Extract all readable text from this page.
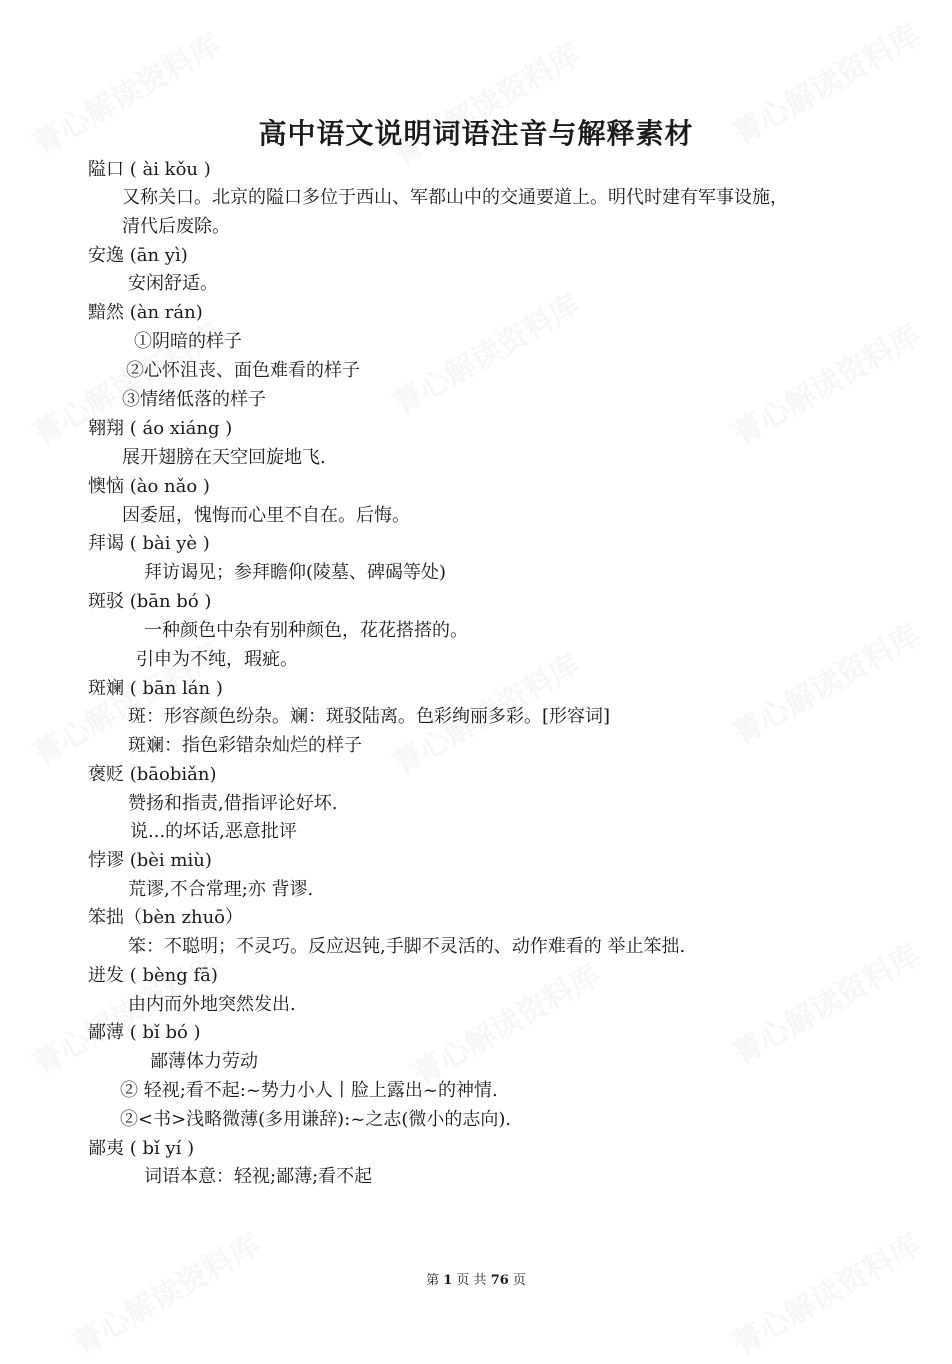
高中语文说明词语注音与解释素材
隘口 ( ài kǒu )
又称关口。北京的隘口多位于西山、军都山中的交通要道上。明代时建有军事设施，
清代后废除。
安逸 (ān yì)
安闲舒适。
黯然 (àn rán)
①阴暗的样子
②心怀沮丧、面色难看的样子
③情绪低落的样子
翱翔 ( áo xiáng )
展开翅膀在天空回旋地飞.
懊恼 (ào nǎo )
因委屈，愧悔而心里不自在。后悔。
拜谒 ( bài yè )
拜访谒见；参拜瞻仰(陵墓、碑碣等处)
斑驳 (bān bó )
一种颜色中杂有别种颜色，花花搭搭的。
引申为不纯，瑕疵。
斑斓 ( bān lán )
斑：形容颜色纷杂。斓：斑驳陆离。色彩绚丽多彩。[形容词]
斑斓：指色彩错杂灿烂的样子
褒贬 (bāobiǎn)
赞扬和指责,借指评论好坏.
说...的坏话,恶意批评
悖谬 (bèi miù)
荒谬,不合常理;亦 背谬.
笨拙（bèn zhuō）
笨：不聪明；不灵巧。反应迟钝,手脚不灵活的、动作难看的 举止笨拙.
迸发 ( bèng fā)
由内而外地突然发出.
鄙薄 ( bǐ bó )
鄙薄体力劳动
② 轻视;看不起:~势力小人丨脸上露出~的神情.
②<书>浅略微薄(多用谦辞):~之志(微小的志向).
鄙夷 ( bǐ yí )
词语本意：轻视;鄙薄;看不起
第 1 页 共 76 页
